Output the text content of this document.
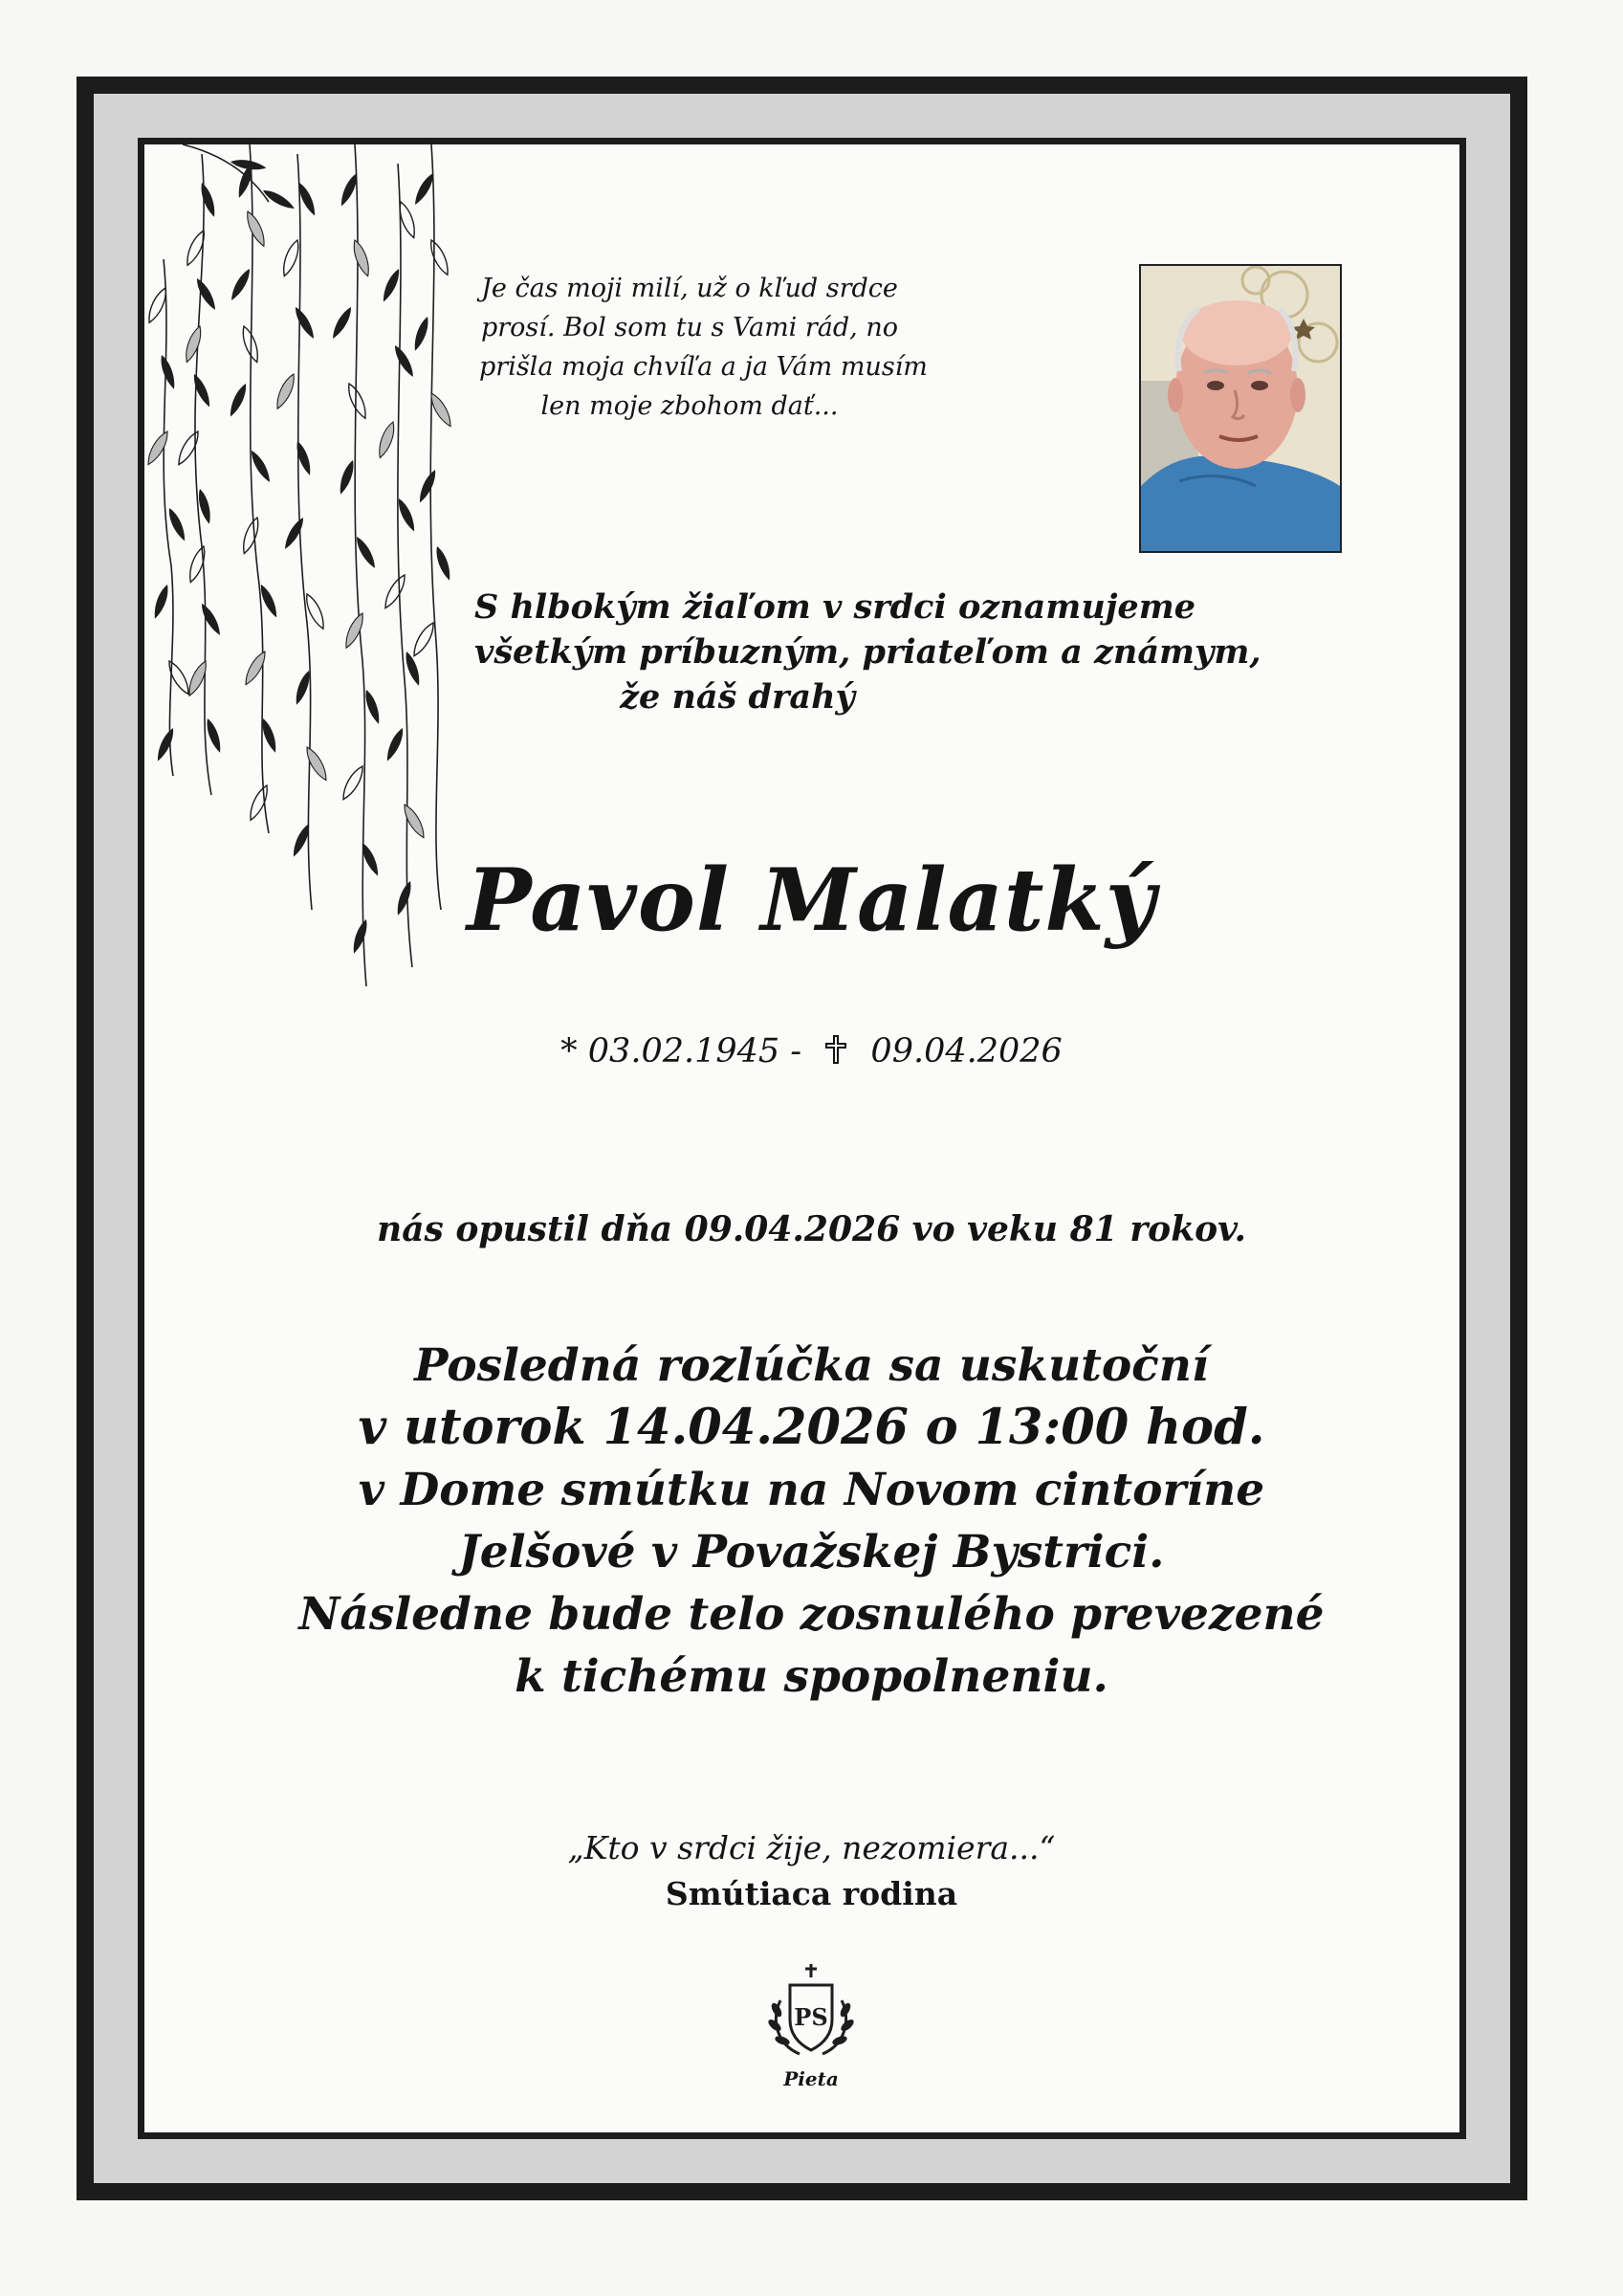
Je čas moji milí, už o kľud srdce
prosí. Bol som tu s Vami rád, no
prišla moja chvíľa a ja Vám musím
len moje zbohom dať...
S hlbokým žiaľom v srdci oznamujeme
všetkým príbuzným, priateľom a známym,
že náš drahý
Pavol Malatký
* 03.02.1945 - 09.04.2026
nás opustil dňa 09.04.2026 vo veku 81 rokov.
Posledná rozlúčka sa uskutoční
v utorok 14.04.2026 o 13:00 hod.
v Dome smútku na Novom cintoríne
Jelšové v Považskej Bystrici.
Následne bude telo zosnulého prevezené
k tichému spopolneniu.
„Kto v srdci žije, nezomiera...“
Smútiaca rodina
PS
Pieta
